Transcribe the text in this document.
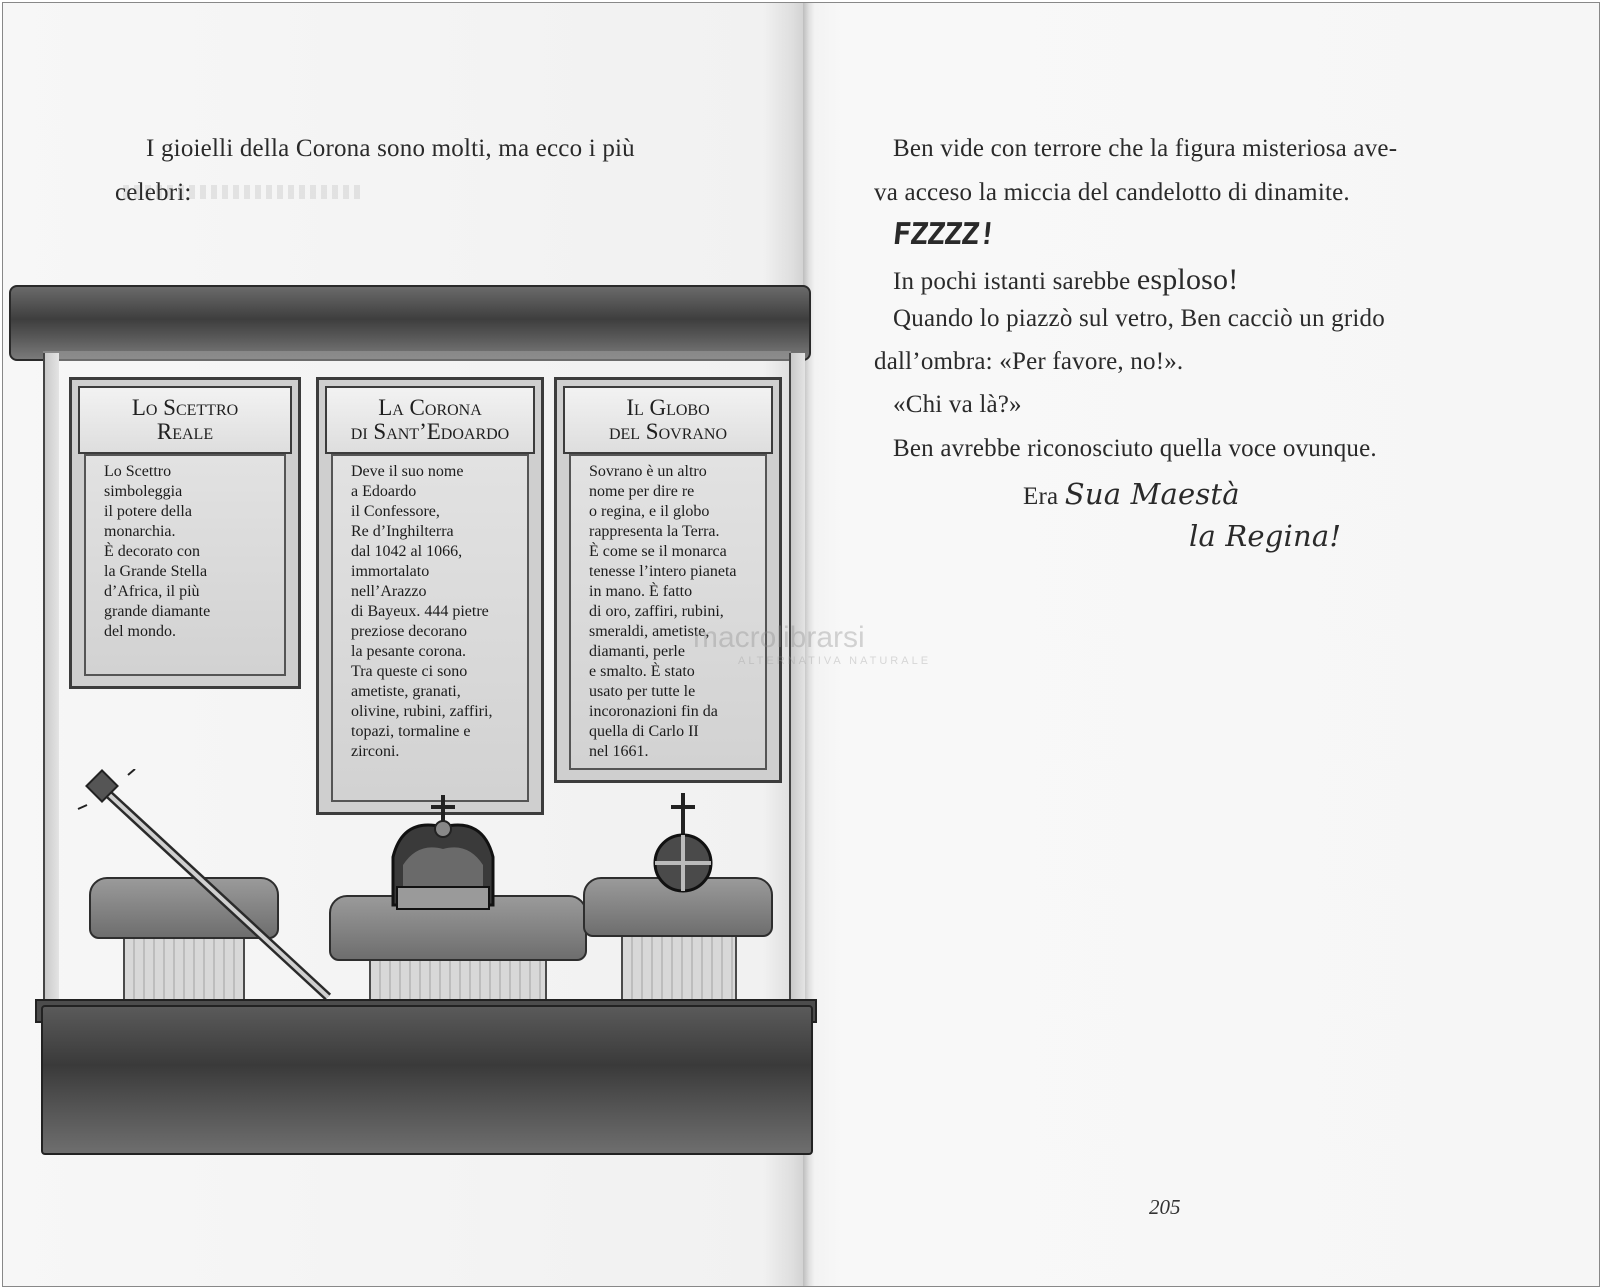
I gioielli della Corona sono molti, ma ecco i più
celebri:
Lo Scettro
Reale

Lo Scettro
simboleggia
il potere della
monarchia.
È decorato con
la Grande Stella
d’Africa, il più
grande diamante
del mondo.

La Corona
di Sant’Edoardo

Deve il suo nome
a Edoardo
il Confessore,
Re d’Inghilterra
dal 1042 al 1066,
immortalato
nell’Arazzo
di Bayeux. 444 pietre
preziose decorano
la pesante corona.
Tra queste ci sono
ametiste, granati,
olivine, rubini, zaffiri,
topazi, tormaline e
zirconi.

Il Globo
del Sovrano

Sovrano è un altro
nome per dire re
o regina, e il globo
rappresenta la Terra.
È come se il monarca
tenesse l’intero pianeta
in mano. È fatto
di oro, zaffiri, rubini,
smeraldi, ametiste,
diamanti, perle
e smalto. È stato
usato per tutte le
incoronazioni fin da
quella di Carlo II
nel 1661.

macrolibrarsi
ALTERNATIVA NATURALE
Ben vide con terrore che la figura misteriosa ave-
va acceso la miccia del candelotto di dinamite.
FZZZZ!
In pochi istanti sarebbe esploso!
Quando lo piazzò sul vetro, Ben cacciò un grido
dall’ombra: «Per favore, no!».
«Chi va là?»
Ben avrebbe riconosciuto quella voce ovunque.
Era Sua Maestà
la Regina!
205
